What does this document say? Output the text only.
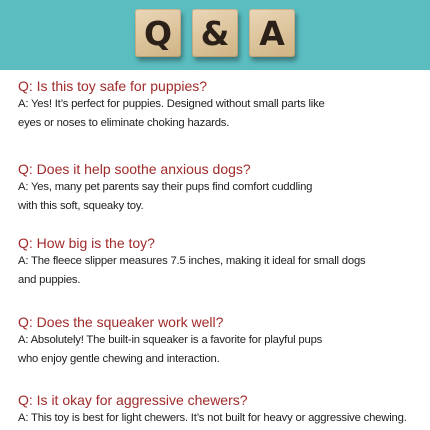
Q & A
Q: Is this toy safe for puppies?
A: Yes! It’s perfect for puppies. Designed without small parts like
eyes or noses to eliminate choking hazards.
Q: Does it help soothe anxious dogs?
A: Yes, many pet parents say their pups find comfort cuddling
with this soft, squeaky toy.
Q: How big is the toy?
A: The fleece slipper measures 7.5 inches, making it ideal for small dogs
and puppies.
Q: Does the squeaker work well?
A: Absolutely! The built-in squeaker is a favorite for playful pups
who enjoy gentle chewing and interaction.
Q: Is it okay for aggressive chewers?
A: This toy is best for light chewers. It’s not built for heavy or aggressive chewing.
